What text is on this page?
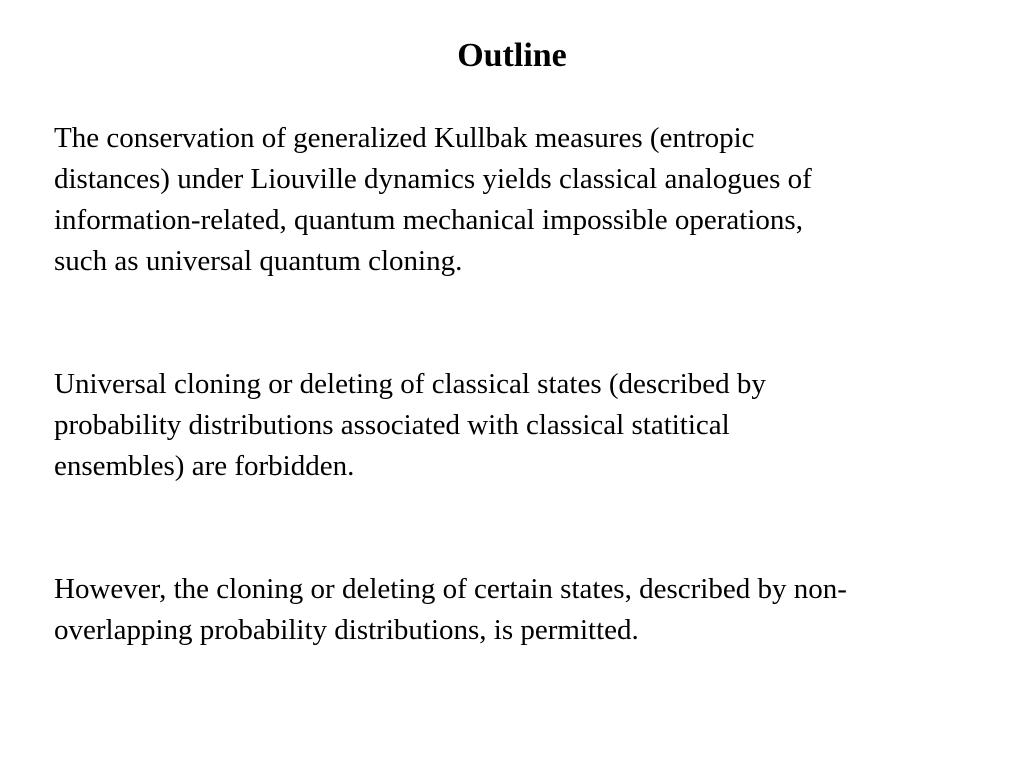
Outline

The conservation of generalized Kullbak measures (entropic
distances) under Liouville dynamics yields classical analogues of
information-related, quantum mechanical impossible operations,
such as universal quantum cloning.

Universal cloning or deleting of classical states (described by
probability distributions associated with classical statitical
ensembles) are forbidden.

However, the cloning or deleting of certain states, described by non-
overlapping probability distributions, is permitted.
